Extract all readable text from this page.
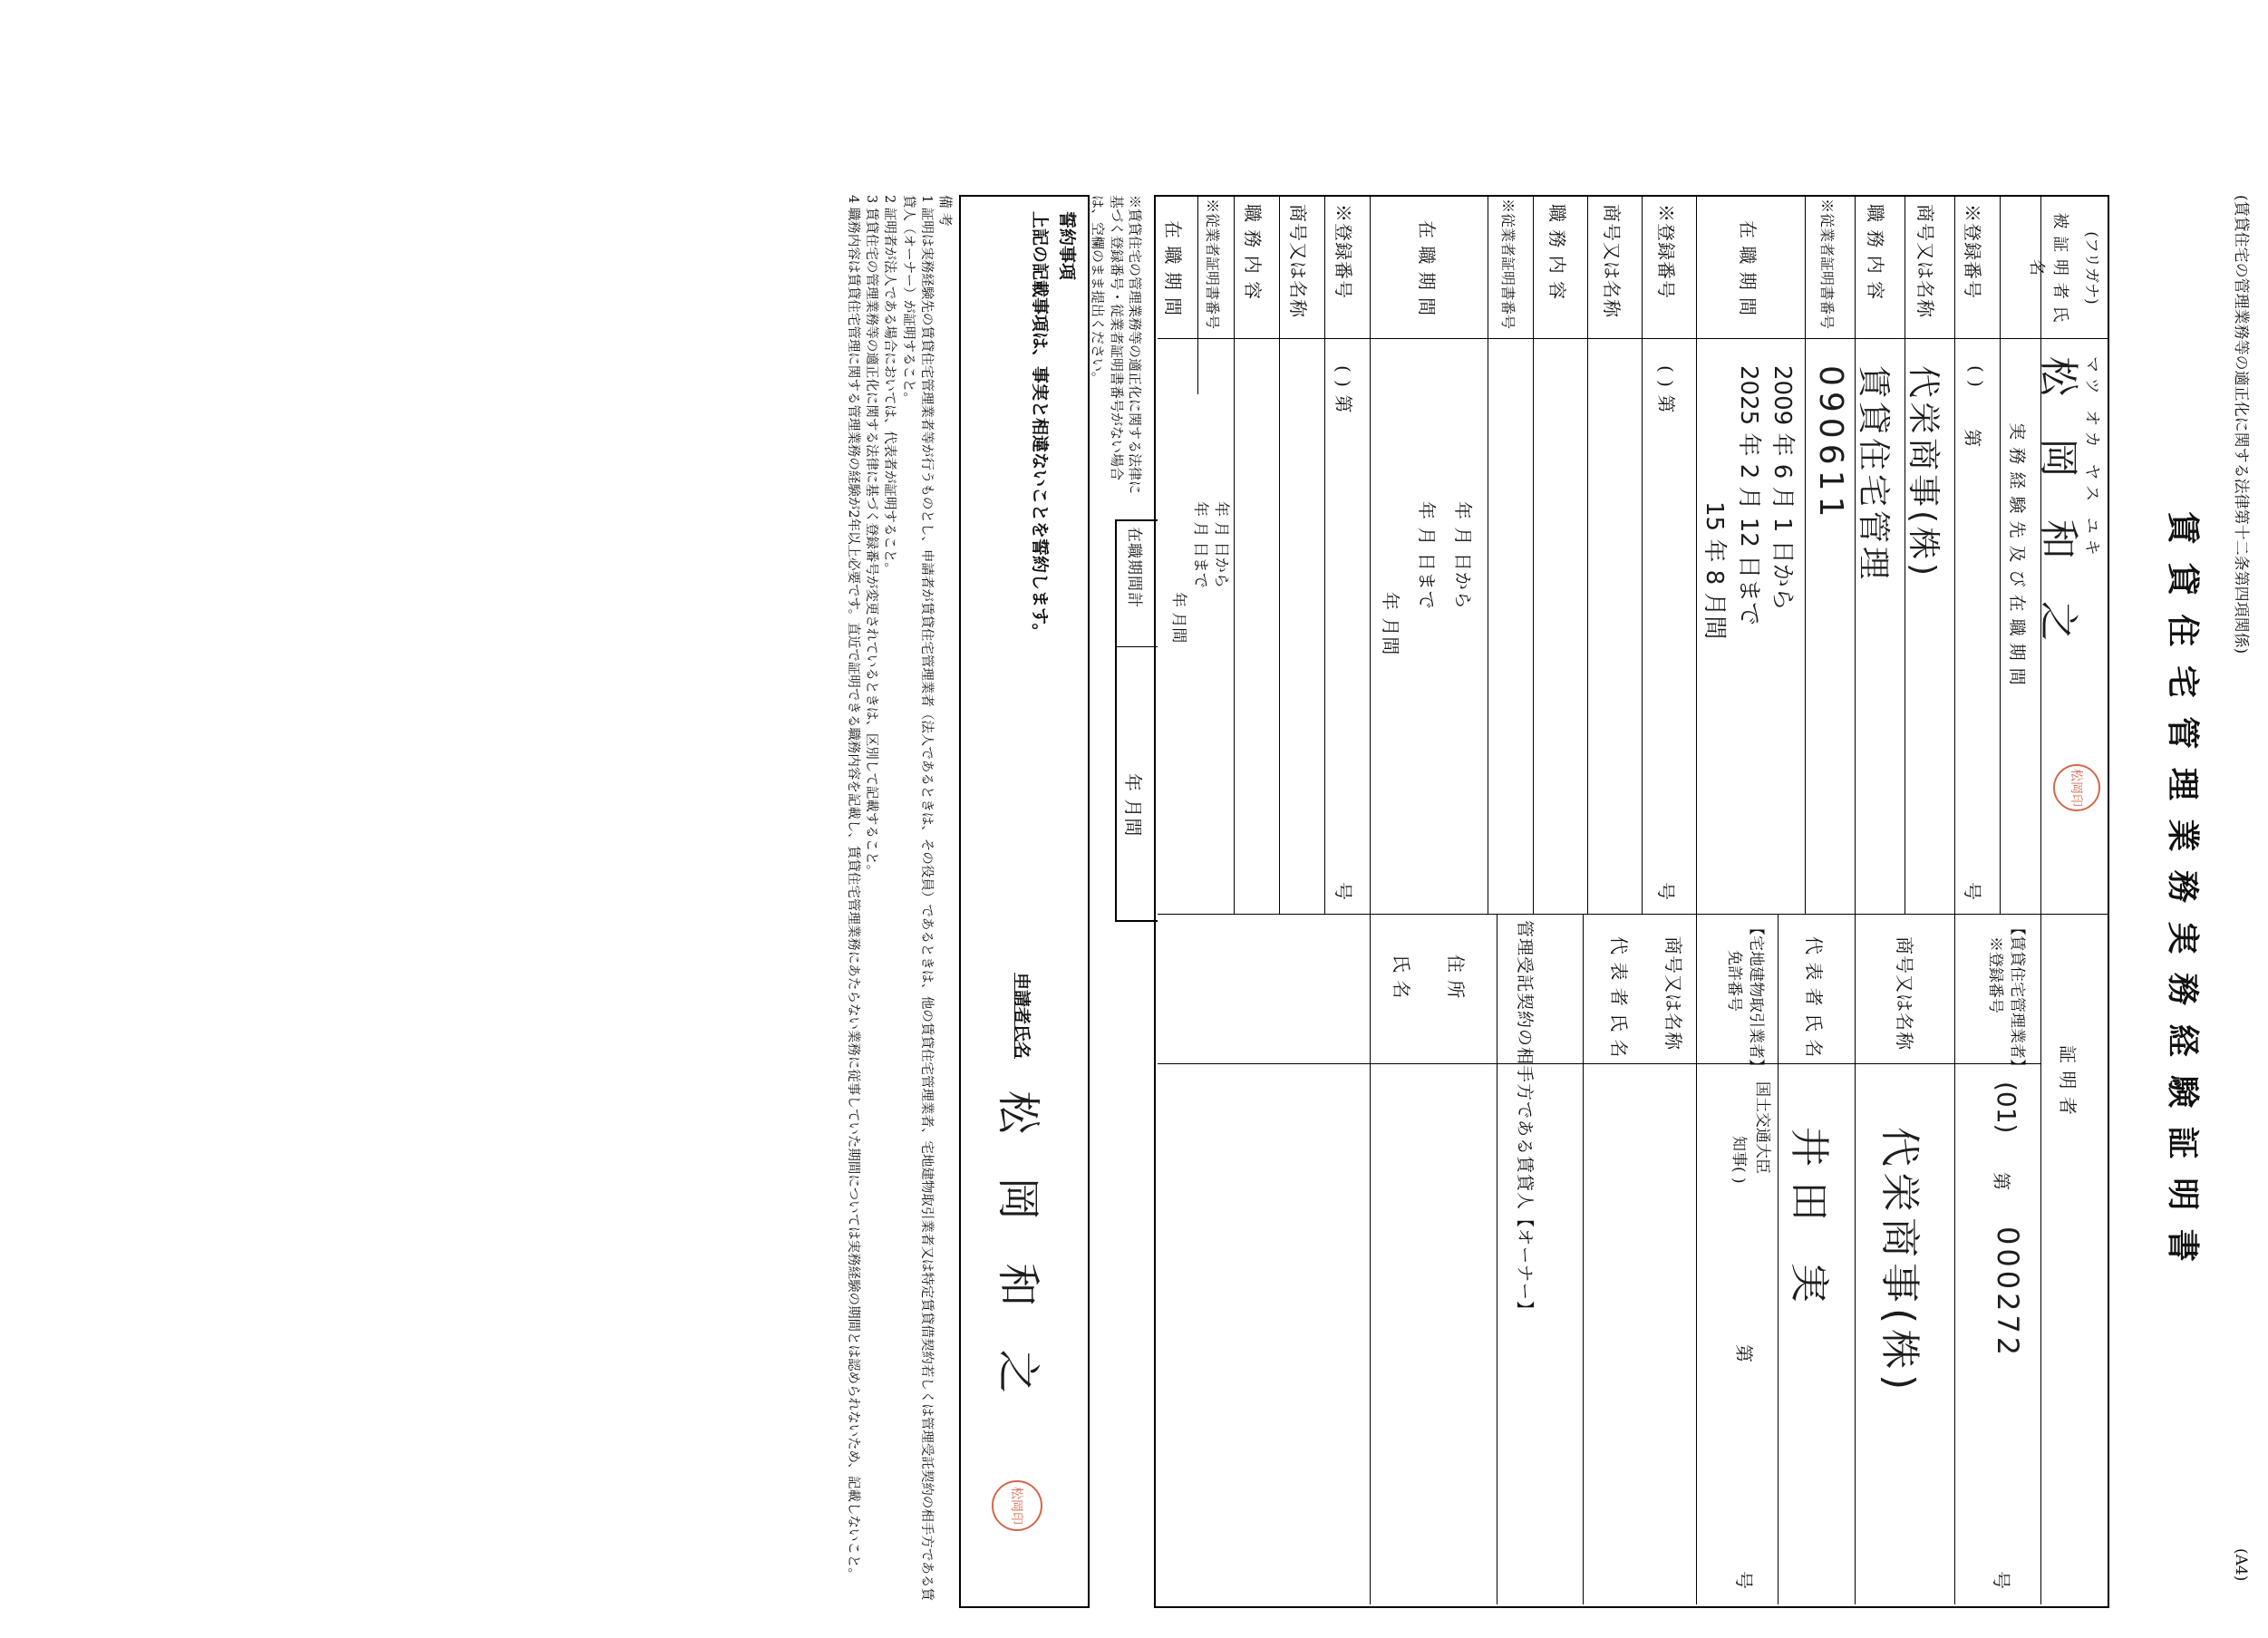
(賃貸住宅の管理業務等の適正化に関する法律第十二条第四項関係)
(A4)
賃 貸 住 宅 管 理 業 務 実 務 経 験 証 明 書
(フリガナ)
被 証 明 者 氏 名
マツ オカ ヤス ユキ
松 岡 和 之
松岡
印
証 明 者
実 務 経 験 先 及 び 在 職 期 間
※登録番号
( )
第
号
商号又は名称
代栄商事(株)
職 務 内 容
賃貸住宅管理
※従業者証明書番号
090611
在 職 期 間
2009 年 6 月 1 日から
2025 年 2 月 12 日まで
15 年 8 月間
※登録番号
( ) 第
号
商号又は名称
職 務 内 容
※従業者証明書番号
在 職 期 間
年 月 日から
年 月 日まで
年 月間
※登録番号
( ) 第
号
商号又は名称
職 務 内 容
※従業者証明書番号
在 職 期 間
年 月 日から
年 月 日まで
年 月間
在職期間計
年 月間
【賃貸住宅管理業者】
※登録番号
(01)
第
000272
号
商号又は名称
代栄商事(株)
代 表 者 氏 名
井田 実
【宅地建物取引業者】
免許番号
国土交通大臣
知事( )
第
号
商号又は名称
代 表 者 氏 名
管理受託契約の相手方である賃貸人【オーナー】
住 所
氏 名
※賃貸住宅の管理業務等の適正化に関する法律に基づく登録番号・従業者証明書番号がない場合は、空欄のまま提出ください。
誓約事項
上記の記載事項は、事実と相違ないことを誓約します。
申請者氏名
松 岡 和 之
松岡
印
備 考
1 証明は実務経験先の賃貸住宅管理業者等が行うものとし、申請者が賃貸住宅管理業者（法人であるときは、その役員）であるときは、他の賃貸住宅管理業者、宅地建物取引業者又は特定賃貸借契約若しくは管理受託契約の相手方である賃貸人（オーナー）が証明すること。
2 証明者が法人である場合においては、代表者が証明すること。
3 賃貸住宅の管理業務等の適正化に関する法律に基づく登録番号が変更されているときは、区別して記載すること。
4 職務内容は賃貸住宅管理に関する管理業務の経験が2年以上必要です。直近で証明できる職務内容を記載し、賃貸住宅管理業務にあたらない業務に従事していた期間については実務経験の期間とは認められないため、記載しないこと。
